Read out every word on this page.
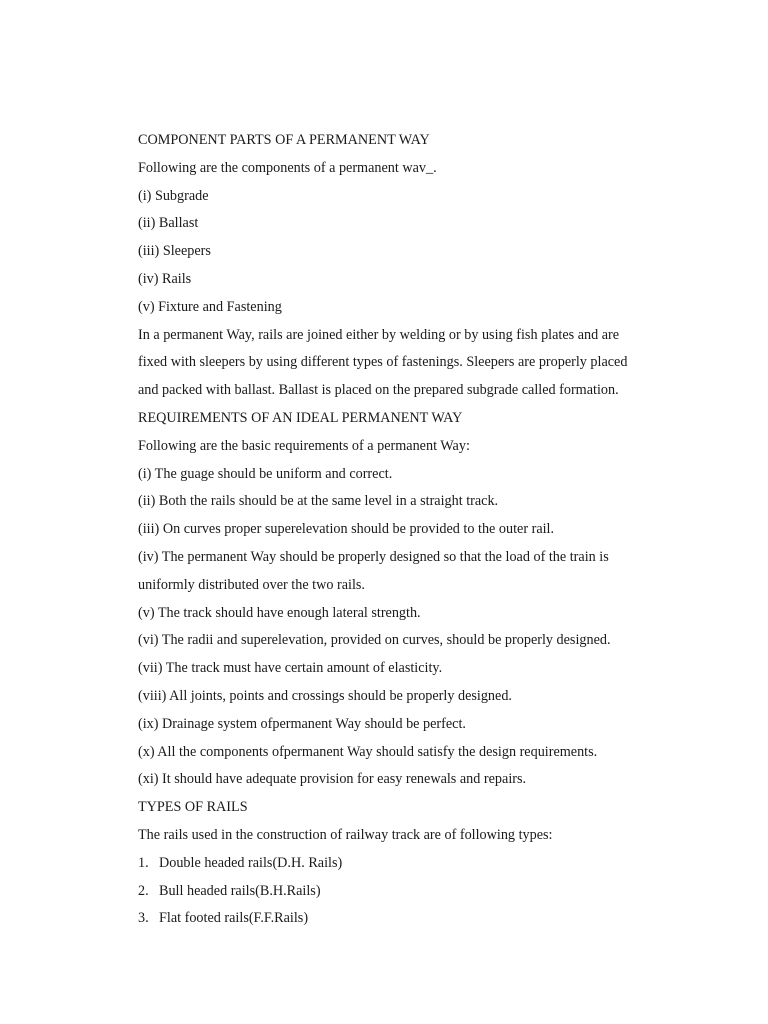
COMPONENT PARTS OF A PERMANENT WAY
Following are the components of a permanent wav_.
(i) Subgrade
(ii) Ballast
(iii) Sleepers
(iv) Rails
(v) Fixture and Fastening
In a permanent Way, rails are joined either by welding or by using fish plates and are
fixed with sleepers by using different types of fastenings. Sleepers are properly placed
and packed with ballast. Ballast is placed on the prepared subgrade called formation.
REQUIREMENTS OF AN IDEAL PERMANENT WAY
Following are the basic requirements of a permanent Way:
(i) The guage should be uniform and correct.
(ii) Both the rails should be at the same level in a straight track.
(iii) On curves proper superelevation should be provided to the outer rail.
(iv) The permanent Way should be properly designed so that the load of the train is
uniformly distributed over the two rails.
(v) The track should have enough lateral strength.
(vi) The radii and superelevation, provided on curves, should be properly designed.
(vii) The track must have certain amount of elasticity.
(viii) All joints, points and crossings should be properly designed.
(ix) Drainage system ofpermanent Way should be perfect.
(x) All the components ofpermanent Way should satisfy the design requirements.
(xi) It should have adequate provision for easy renewals and repairs.
TYPES OF RAILS
The rails used in the construction of railway track are of following types:
1. Double headed rails(D.H. Rails)
2. Bull headed rails(B.H.Rails)
3. Flat footed rails(F.F.Rails)
